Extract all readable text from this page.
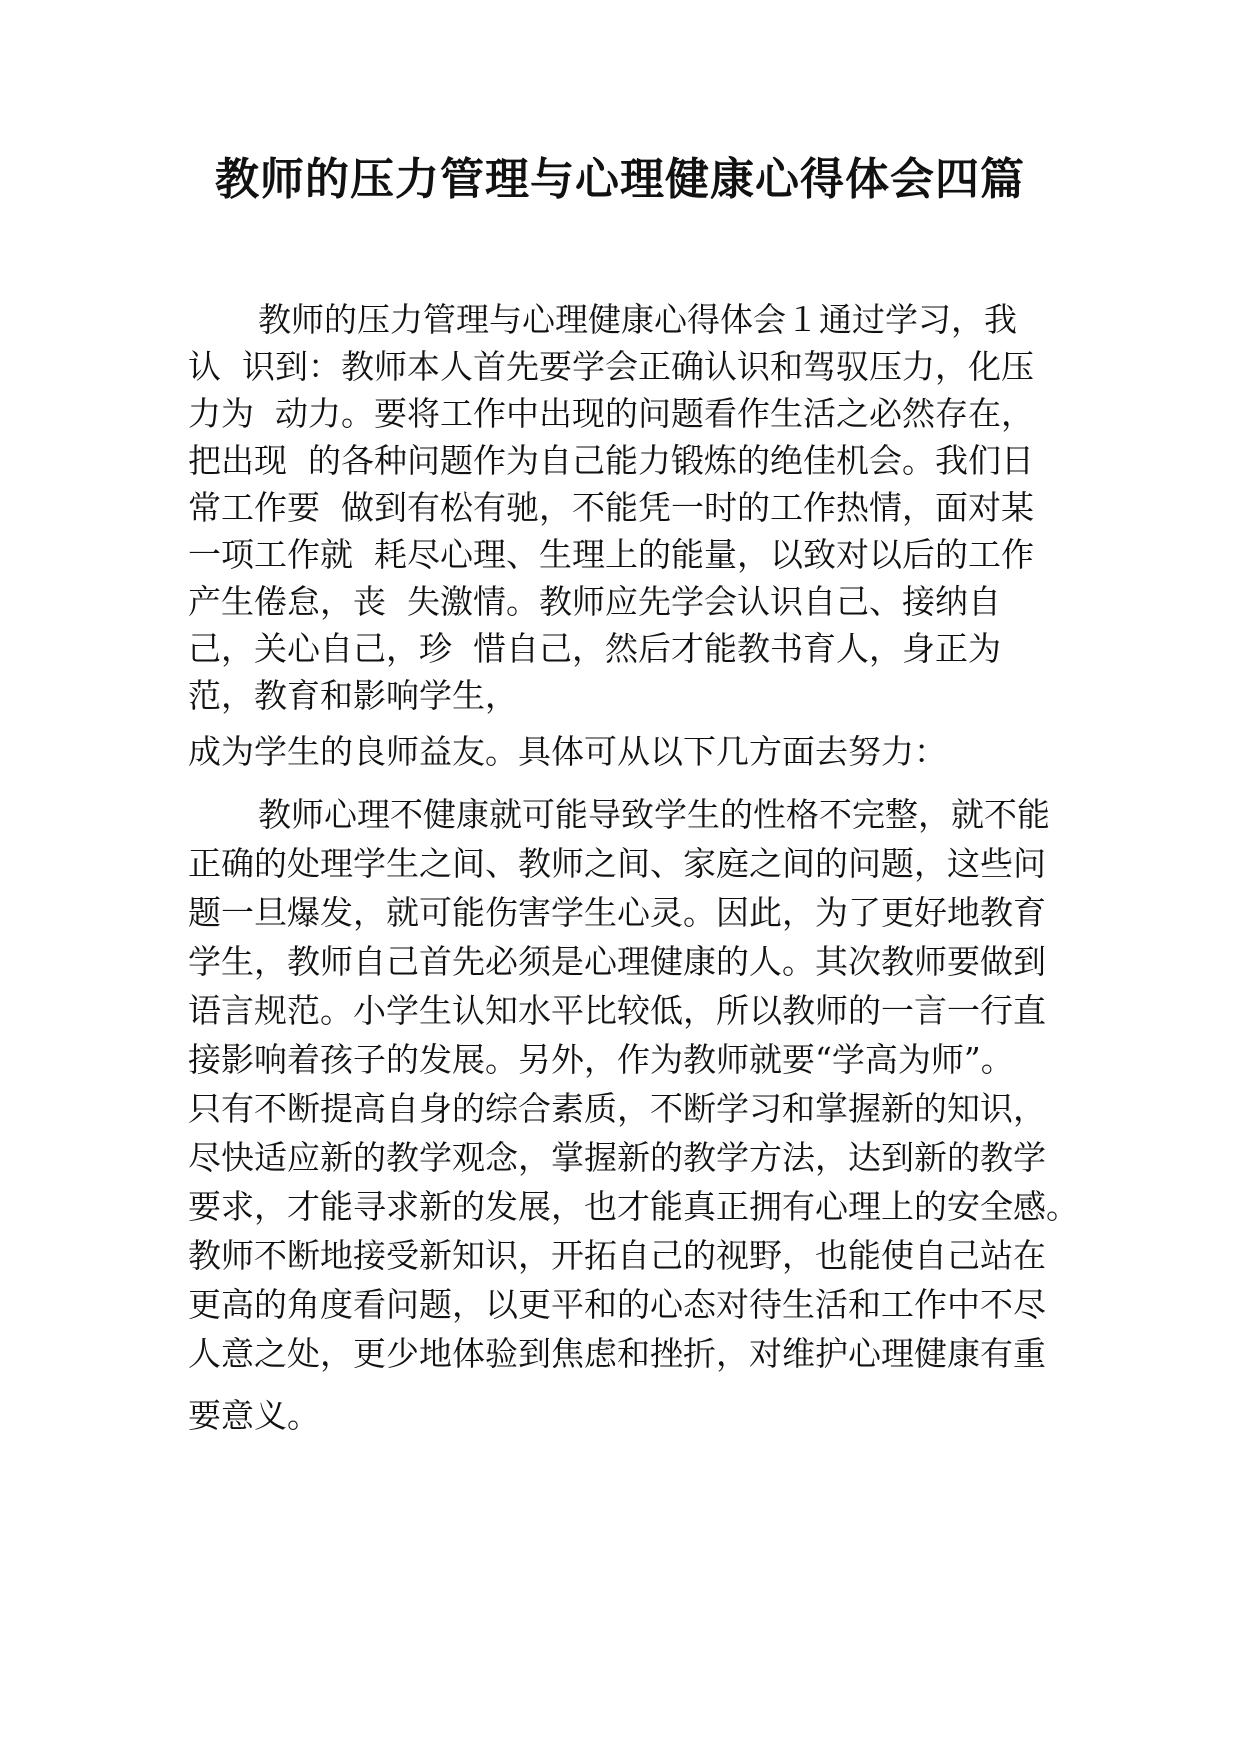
教师的压力管理与心理健康心得体会四篇

教师的压力管理与心理健康心得体会１通过学习，我

认  识到：教师本人首先要学会正确认识和驾驭压力，化压

力为  动力。要将工作中出现的问题看作生活之必然存在，

把出现  的各种问题作为自己能力锻炼的绝佳机会。我们日

常工作要  做到有松有驰，不能凭一时的工作热情，面对某

一项工作就  耗尽心理、生理上的能量，以致对以后的工作

产生倦怠，丧  失激情。教师应先学会认识自己、接纳自

己，关心自己，珍  惜自己，然后才能教书育人，身正为

范，教育和影响学生，

成为学生的良师益友。具体可从以下几方面去努力：

教师心理不健康就可能导致学生的性格不完整，就不能

正确的处理学生之间、教师之间、家庭之间的问题，这些问

题一旦爆发，就可能伤害学生心灵。因此，为了更好地教育

学生，教师自己首先必须是心理健康的人。其次教师要做到

语言规范。小学生认知水平比较低，所以教师的一言一行直

接影响着孩子的发展。另外，作为教师就要“学高为师”。

只有不断提高自身的综合素质，不断学习和掌握新的知识，

尽快适应新的教学观念，掌握新的教学方法，达到新的教学

要求，才能寻求新的发展，也才能真正拥有心理上的安全感。

教师不断地接受新知识，开拓自己的视野，也能使自己站在

更高的角度看问题，以更平和的心态对待生活和工作中不尽

人意之处，更少地体验到焦虑和挫折，对维护心理健康有重

要意义。
